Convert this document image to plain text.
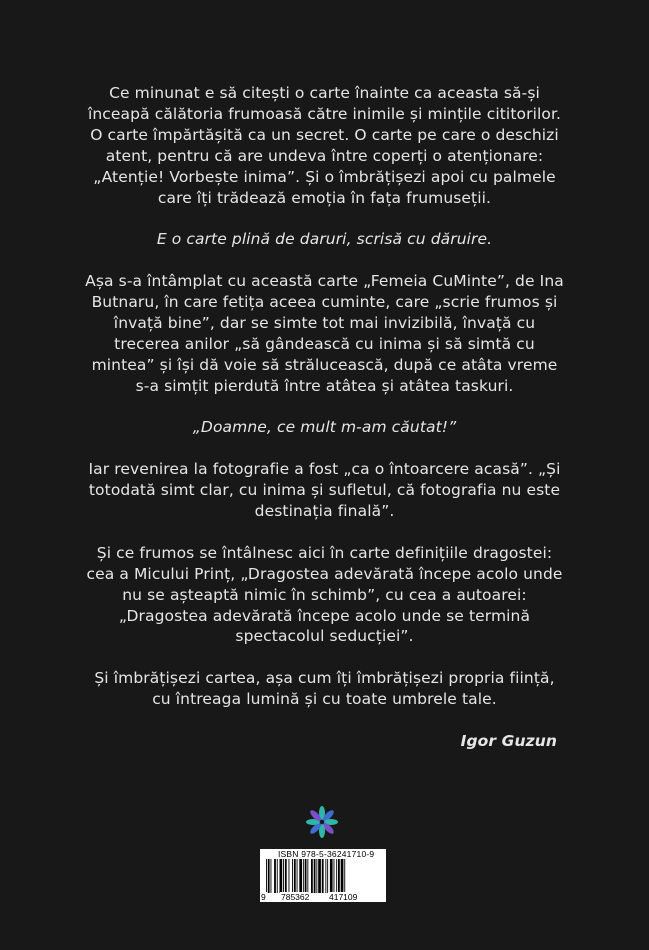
Ce minunat e să citești o carte înainte ca aceasta să-și înceapă călătoria frumoasă către inimile și mințile cititorilor. O carte împărtășită ca un secret. O carte pe care o deschizi atent, pentru că are undeva între coperți o atenționare: „Atenție! Vorbește inima”. Și o îmbrățișezi apoi cu palmele care îți trădează emoția în fața frumuseții.

E o carte plină de daruri, scrisă cu dăruire.

Așa s-a întâmplat cu această carte „Femeia CuMinte”, de Ina Butnaru, în care fetița aceea cuminte, care „scrie frumos și învață bine”, dar se simte tot mai invizibilă, învață cu trecerea anilor „să gândească cu inima și să simtă cu mintea” și își dă voie să strălucească, după ce atâta vreme s-a simțit pierdută între atâtea și atâtea taskuri.

„Doamne, ce mult m-am căutat!”

Iar revenirea la fotografie a fost „ca o întoarcere acasă”. „Și totodată simt clar, cu inima și sufletul, că fotografia nu este destinația finală”.

Și ce frumos se întâlnesc aici în carte definițiile dragostei: cea a Micului Prinț, „Dragostea adevărată începe acolo unde nu se așteaptă nimic în schimb”, cu cea a autoarei: „Dragostea adevărată începe acolo unde se termină spectacolul seducției”.

Și îmbrățișezi cartea, așa cum îți îmbrățișezi propria ființă, cu întreaga lumină și cu toate umbrele tale.

Igor Guzun

ISBN 978-5-36241710-9
9 785362 417109
